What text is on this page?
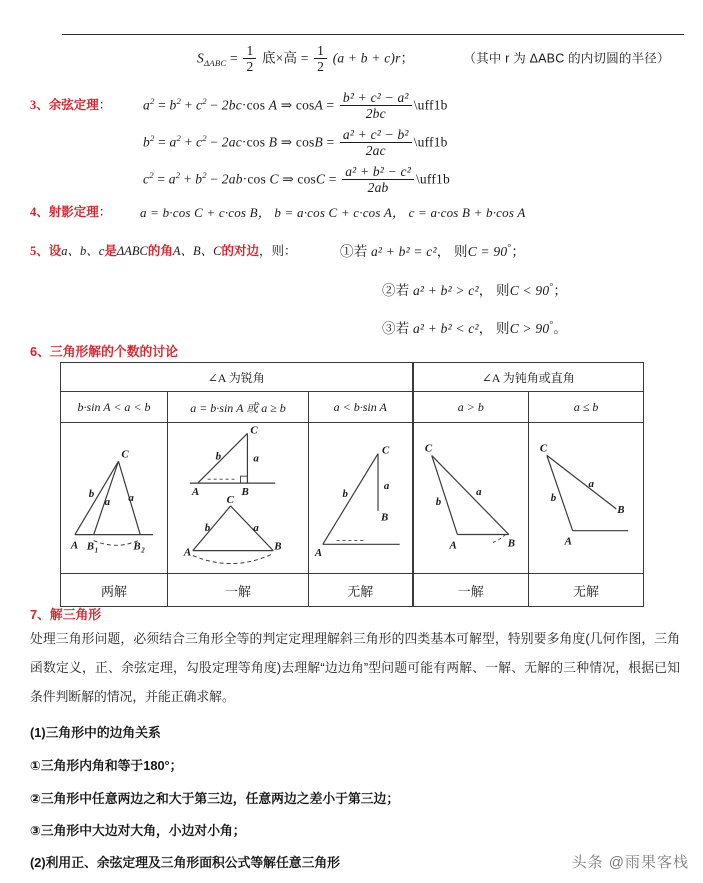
$S_{\Delta ABC} = \frac{1}{2}$ 底×高 = $\frac{1}{2} (a + b + c)r$；	（其中 r 为 ΔABC 的内切圆的半径）
3、余弦定理： $a^2 = b^2 + c^2 - 2bc\cdot\cos$ A ⇒ $\cos A = \frac{\text{b² + c² − a²}}{2bc}$ \uff1b
$b^2 = a^2 + c^2 - 2ac\cdot\cos$ B ⇒ $\cos B = \frac{\text{a² + c² − b²}}{2ac}$ \uff1b
$c^2 = a^2 + b^2 - 2ab\cdot\cos$ C ⇒ $\cos C = \frac{\text{a² + b² − c²}}{2ab}$ \uff1b
4、射影定理： a = b·cos C + c·cos B， b = a·cos C + c·cos A， c = a·cos B + b·cos A
5、设a、b、c是ΔABC的角A、B、C的对边，则：	①若 a² + b² = c²， 则C = 90°；
②若 a² + b² > c²， 则C < 90°；
③若 a² + b² < c²， 则C > 90°。
6、三角形解的个数的讨论
∠A 为锐角			∠A 为钝角或直角	
b·sin A < a < b	a = b·sin A 或 a ≥ b	a < b·sin A	a > b	a ≤ b

C
b
a a
A B 1	B 2

C
b	a
A	B
C
b	a
A	B

C
b
a
B
A

C
b
a
A	B

C
b
a
A
B

两解	一解	无解	一解	无解
7、解三角形
处理三角形问题，必须结合三角形全等的判定定理理解斜三角形的四类基本可解型，特别要多角度(几何作图，三角函数定义，正、余弦定理，勾股定理等角度)去理解“边边角”型问题可能有两解、一解、无解的三种情况，根据已知条件判断解的情况，并能正确求解。
(1)三角形中的边角关系
①三角形内角和等于180°；
②三角形中任意两边之和大于第三边，任意两边之差小于第三边；
③三角形中大边对大角，小边对小角；
(2)利用正、余弦定理及三角形面积公式等解任意三角形	头条 @雨果客栈
